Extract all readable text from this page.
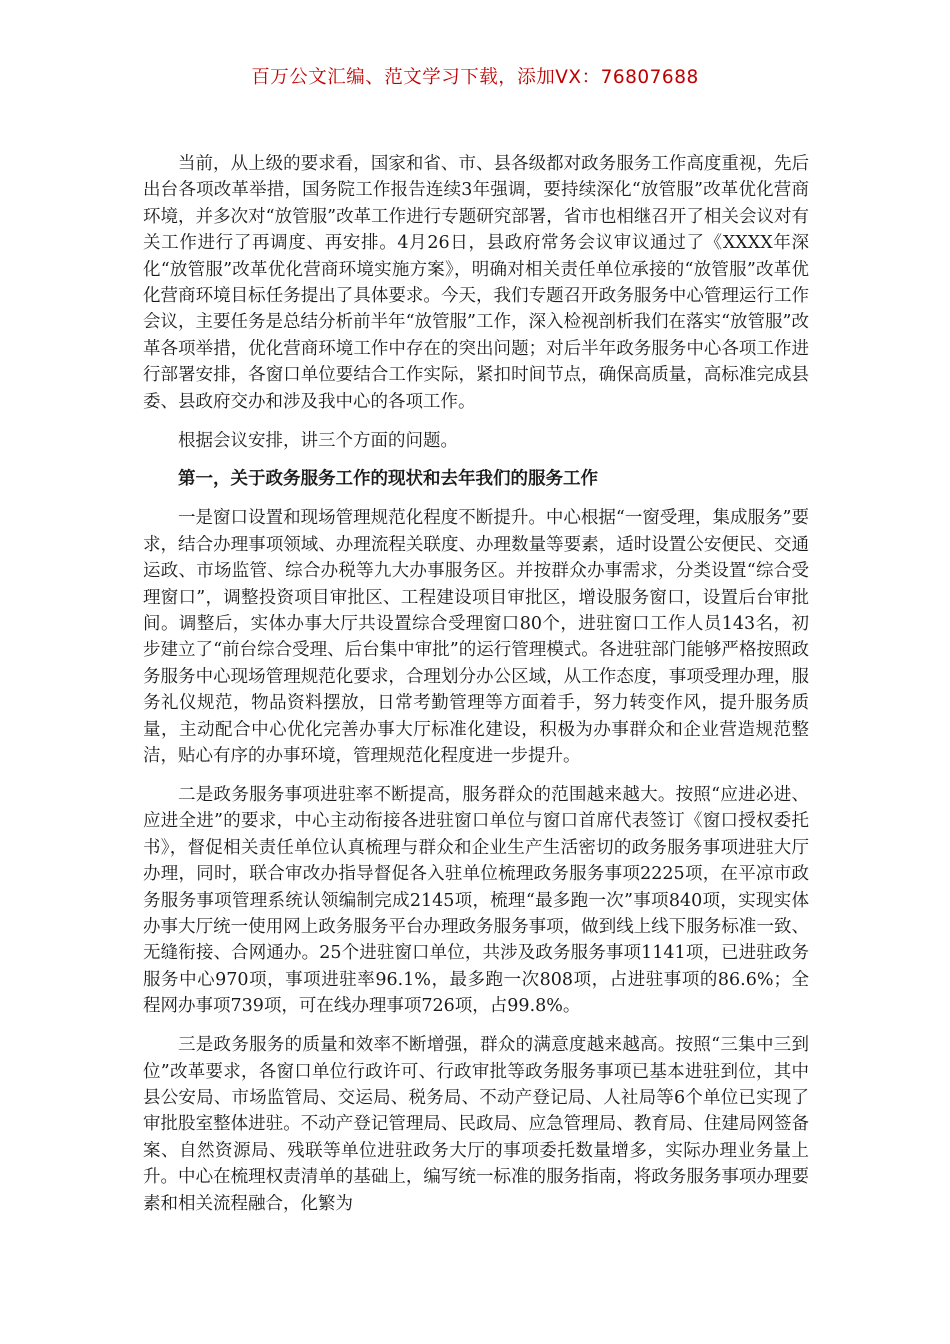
百万公文汇编、范文学习下载，添加VX：76807688

当前，从上级的要求看，国家和省、市、县各级都对政务服务工作高度重视，先后出台各项改革举措，国务院工作报告连续3年强调，要持续深化“放管服”改革优化营商环境，并多次对“放管服”改革工作进行专题研究部署，省市也相继召开了相关会议对有关工作进行了再调度、再安排。4月26日，县政府常务会议审议通过了《XXXX年深化“放管服”改革优化营商环境实施方案》，明确对相关责任单位承接的“放管服”改革优化营商环境目标任务提出了具体要求。今天，我们专题召开政务服务中心管理运行工作会议，主要任务是总结分析前半年“放管服”工作，深入检视剖析我们在落实“放管服”改革各项举措，优化营商环境工作中存在的突出问题；对后半年政务服务中心各项工作进行部署安排，各窗口单位要结合工作实际，紧扣时间节点，确保高质量，高标准完成县委、县政府交办和涉及我中心的各项工作。

根据会议安排，讲三个方面的问题。

第一，关于政务服务工作的现状和去年我们的服务工作

一是窗口设置和现场管理规范化程度不断提升。中心根据“一窗受理，集成服务”要求，结合办理事项领域、办理流程关联度、办理数量等要素，适时设置公安便民、交通运政、市场监管、综合办税等九大办事服务区。并按群众办事需求，分类设置“综合受理窗口”，调整投资项目审批区、工程建设项目审批区，增设服务窗口，设置后台审批间。调整后，实体办事大厅共设置综合受理窗口80个，进驻窗口工作人员143名，初步建立了“前台综合受理、后台集中审批”的运行管理模式。各进驻部门能够严格按照政务服务中心现场管理规范化要求，合理划分办公区域，从工作态度，事项受理办理，服务礼仪规范，物品资料摆放，日常考勤管理等方面着手，努力转变作风，提升服务质量，主动配合中心优化完善办事大厅标准化建设，积极为办事群众和企业营造规范整洁，贴心有序的办事环境，管理规范化程度进一步提升。

二是政务服务事项进驻率不断提高，服务群众的范围越来越大。按照“应进必进、应进全进”的要求，中心主动衔接各进驻窗口单位与窗口首席代表签订《窗口授权委托书》，督促相关责任单位认真梳理与群众和企业生产生活密切的政务服务事项进驻大厅办理，同时，联合审改办指导督促各入驻单位梳理政务服务事项2225项，在平凉市政务服务事项管理系统认领编制完成2145项，梳理“最多跑一次”事项840项，实现实体办事大厅统一使用网上政务服务平台办理政务服务事项，做到线上线下服务标准一致、无缝衔接、合网通办。25个进驻窗口单位，共涉及政务服务事项1141项，已进驻政务服务中心970项，事项进驻率96.1%，最多跑一次808项，占进驻事项的86.6%；全程网办事项739项，可在线办理事项726项，占99.8%。

三是政务服务的质量和效率不断增强，群众的满意度越来越高。按照“三集中三到位”改革要求，各窗口单位行政许可、行政审批等政务服务事项已基本进驻到位，其中县公安局、市场监管局、交运局、税务局、不动产登记局、人社局等6个单位已实现了审批股室整体进驻。不动产登记管理局、民政局、应急管理局、教育局、住建局网签备案、自然资源局、残联等单位进驻政务大厅的事项委托数量增多，实际办理业务量上升。中心在梳理权责清单的基础上，编写统一标准的服务指南，将政务服务事项办理要素和相关流程融合，化繁为
